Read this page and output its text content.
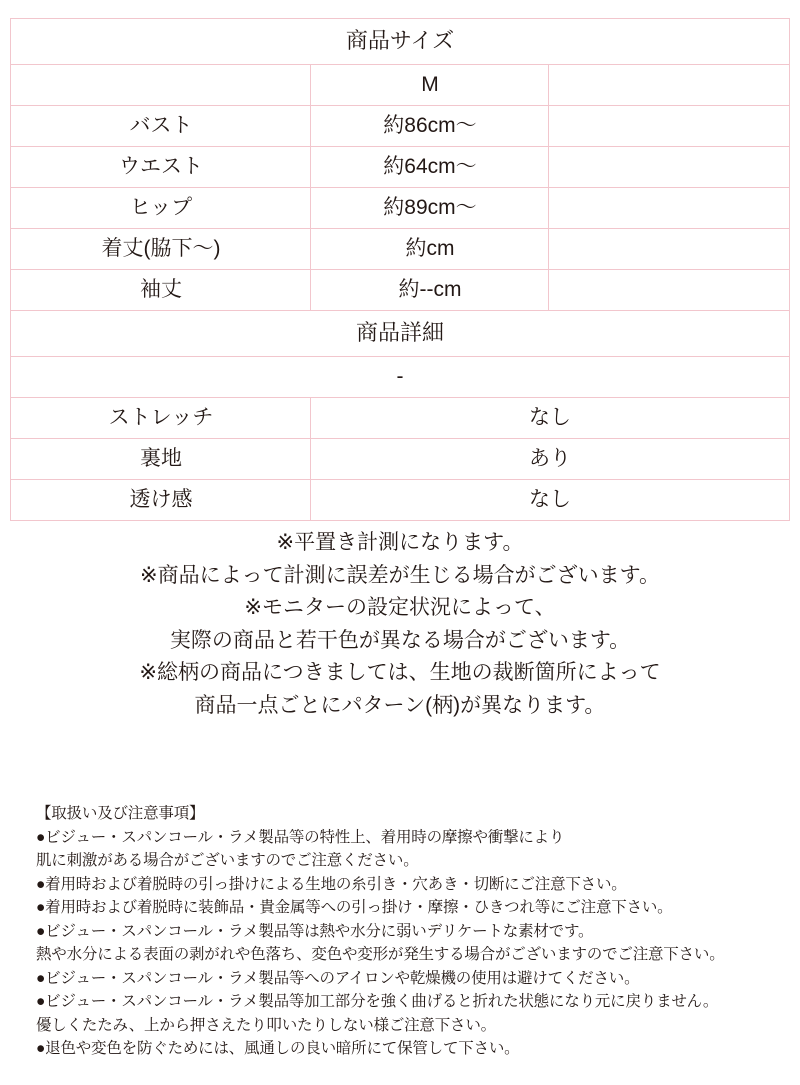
商品サイズ		
	M	
バスト	約86cm～	
ウエスト	約64cm～	
ヒップ	約89cm～	
着丈(脇下～)	約cm	
袖丈	約--cm	
商品詳細		
-		
ストレッチ	なし	
裏地	あり	
透け感	なし	
※平置き計測になります。
※商品によって計測に誤差が生じる場合がございます。
※モニターの設定状況によって、
実際の商品と若干色が異なる場合がございます。
※総柄の商品につきましては、生地の裁断箇所によって
商品一点ごとにパターン(柄)が異なります。
【取扱い及び注意事項】
●ビジュー・スパンコール・ラメ製品等の特性上、着用時の摩擦や衝撃により
肌に刺激がある場合がございますのでご注意ください。
●着用時および着脱時の引っ掛けによる生地の糸引き・穴あき・切断にご注意下さい。
●着用時および着脱時に装飾品・貴金属等への引っ掛け・摩擦・ひきつれ等にご注意下さい。
●ビジュー・スパンコール・ラメ製品等は熱や水分に弱いデリケートな素材です。
熱や水分による表面の剥がれや色落ち、変色や変形が発生する場合がございますのでご注意下さい。
●ビジュー・スパンコール・ラメ製品等へのアイロンや乾燥機の使用は避けてください。
●ビジュー・スパンコール・ラメ製品等加工部分を強く曲げると折れた状態になり元に戻りません。
優しくたたみ、上から押さえたり叩いたりしない様ご注意下さい。
●退色や変色を防ぐためには、風通しの良い暗所にて保管して下さい。
